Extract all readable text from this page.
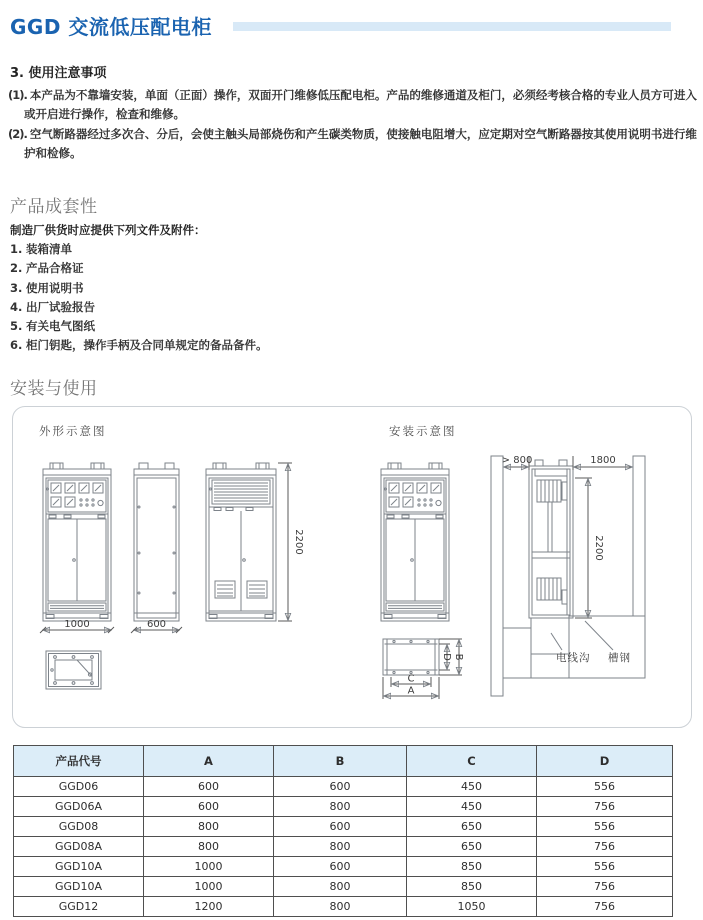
GGD 交流低压配电柜
3. 使用注意事项
(1). 本产品为不靠墙安装，单面（正面）操作，双面开门维修低压配电柜。产品的维修通道及柜门，必须经考核合格的专业人员方可进入或开启进行操作，检查和维修。
(2). 空气断路器经过多次合、分后，会使主触头局部烧伤和产生碳类物质，使接触电阻增大，应定期对空气断路器按其使用说明书进行维护和检修。
产品成套性
制造厂供货时应提供下列文件及附件：
1. 装箱清单
2. 产品合格证
3. 使用说明书
4. 出厂试验报告
5. 有关电气图纸
6. 柜门钥匙，操作手柄及合同单规定的备品备件。
安装与使用
外形示意图	安装示意图
1000	600
2200
D B
C
A
> 800	1800
2200
电线沟 槽钢
产品代号	A	B	C	D
GGD06	600	600	450	556
GGD06A	600	800	450	756
GGD08	800	600	650	556
GGD08A	800	800	650	756
GGD10A	1000	600	850	556
GGD10A	1000	800	850	756
GGD12	1200	800	1050	756
